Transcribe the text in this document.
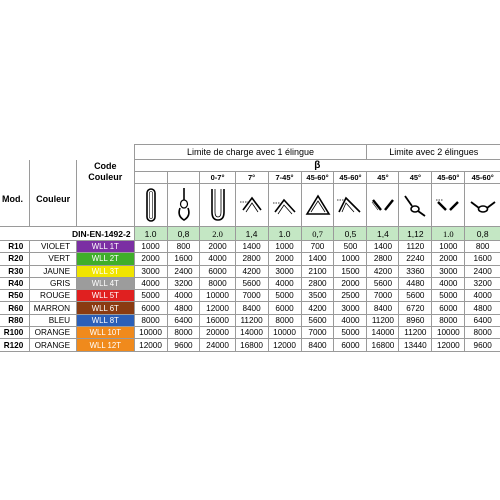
			Limite de charge avec 1 élingue							Limite avec 2 élingues			
		Code	β										
Mod.	Couleur	Couleur			0-7°	7°	7-45°	45-60°	45-60°	45°	45°	45-60°	45-60°

DIN-EN-1492-2			1.0	0,8	2.0	1,4	1.0	0,7	0,5	1,4	1,12	1.0	0,8
R10	VIOLET	WLL 1T	1000	800	2000	1400	1000	700	500	1400	1120	1000	800
R20	VERT	WLL 2T	2000	1600	4000	2800	2000	1400	1000	2800	2240	2000	1600
R30	JAUNE	WLL 3T	3000	2400	6000	4200	3000	2100	1500	4200	3360	3000	2400
R40	GRIS	WLL 4T	4000	3200	8000	5600	4000	2800	2000	5600	4480	4000	3200
R50	ROUGE	WLL 5T	5000	4000	10000	7000	5000	3500	2500	7000	5600	5000	4000
R60	MARRON	WLL 6T	6000	4800	12000	8400	6000	4200	3000	8400	6720	6000	4800
R80	BLEU	WLL 8T	8000	6400	16000	11200	8000	5600	4000	11200	8960	8000	6400
R100	ORANGE	WLL 10T	10000	8000	20000	14000	10000	7000	5000	14000	11200	10000	8000
R120	ORANGE	WLL 12T	12000	9600	24000	16800	12000	8400	6000	16800	13440	12000	9600
